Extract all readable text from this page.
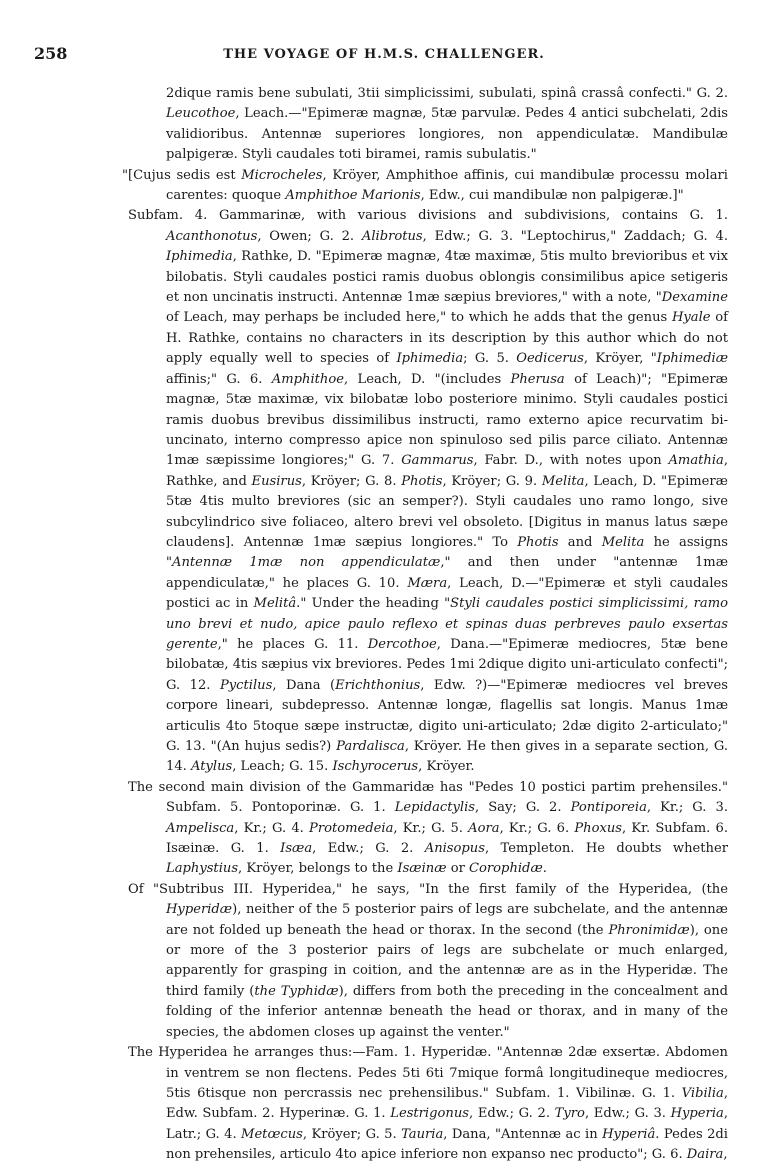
258	THE VOYAGE OF H.M.S. CHALLENGER.

2dique ramis bene subulati, 3tii simplicissimi, subulati, spinâ crassâ confecti." G. 2. Leucothoe, Leach.—"Epimeræ magnæ, 5tæ parvulæ. Pedes 4 antici subchelati, 2dis validioribus. Antennæ superiores longiores, non appendiculatæ. Mandibulæ palpigeræ. Styli caudales toti biramei, ramis subulatis."

"[Cujus sedis est Microcheles, Kröyer, Amphithoe affinis, cui mandibulæ processu molari carentes: quoque Amphithoe Marionis, Edw., cui mandibulæ non palpigeræ.]"

Subfam. 4. Gammarinæ, with various divisions and subdivisions, contains G. 1. Acanthonotus, Owen; G. 2. Alibrotus, Edw.; G. 3. "Leptochirus," Zaddach; G. 4. Iphimedia, Rathke, D. "Epimeræ magnæ, 4tæ maximæ, 5tis multo brevioribus et vix bilobatis. Styli caudales postici ramis duobus oblongis consimilibus apice setigeris et non uncinatis instructi. Antennæ 1mæ sæpius breviores," with a note, "Dexamine of Leach, may perhaps be included here," to which he adds that the genus Hyale of H. Rathke, contains no characters in its description by this author which do not apply equally well to species of Iphimedia; G. 5. Oedicerus, Kröyer, "Iphimediæ affinis;" G. 6. Amphithoe, Leach, D. "(includes Pherusa of Leach)"; "Epimeræ magnæ, 5tæ maximæ, vix bilobatæ lobo posteriore minimo. Styli caudales postici ramis duobus brevibus dissimilibus instructi, ramo externo apice recurvatim bi-uncinato, interno compresso apice non spinuloso sed pilis parce ciliato. Antennæ 1mæ sæpissime longiores;" G. 7. Gammarus, Fabr. D., with notes upon Amathia, Rathke, and Eusirus, Kröyer; G. 8. Photis, Kröyer; G. 9. Melita, Leach, D. "Epimeræ 5tæ 4tis multo breviores (sic an semper?). Styli caudales uno ramo longo, sive subcylindrico sive foliaceo, altero brevi vel obsoleto. [Digitus in manus latus sæpe claudens]. Antennæ 1mæ sæpius longiores." To Photis and Melita he assigns "Antennæ 1mæ non appendiculatæ," and then under "antennæ 1mæ appendiculatæ," he places G. 10. Mæra, Leach, D.—"Epimeræ et styli caudales postici ac in Melitâ." Under the heading "Styli caudales postici simplicissimi, ramo uno brevi et nudo, apice paulo reflexo et spinas duas perbreves paulo exsertas gerente," he places G. 11. Dercothoe, Dana.—"Epimeræ mediocres, 5tæ bene bilobatæ, 4tis sæpius vix breviores. Pedes 1mi 2dique digito uni-articulato confecti"; G. 12. Pyctilus, Dana (Erichthonius, Edw. ?)—"Epimeræ mediocres vel breves corpore lineari, subdepresso. Antennæ longæ, flagellis sat longis. Manus 1mæ articulis 4to 5toque sæpe instructæ, digito uni-articulato; 2dæ digito 2-articulato;" G. 13. "(An hujus sedis?) Pardalisca, Kröyer. He then gives in a separate section, G. 14. Atylus, Leach; G. 15. Ischyrocerus, Kröyer.

The second main division of the Gammaridæ has "Pedes 10 postici partim prehensiles." Subfam. 5. Pontoporinæ. G. 1. Lepidactylis, Say; G. 2. Pontiporeia, Kr.; G. 3. Ampelisca, Kr.; G. 4. Protomedeia, Kr.; G. 5. Aora, Kr.; G. 6. Phoxus, Kr. Subfam. 6. Isæinæ. G. 1. Isæa, Edw.; G. 2. Anisopus, Templeton. He doubts whether Laphystius, Kröyer, belongs to the Isæinæ or Corophidæ.

Of "Subtribus III. Hyperidea," he says, "In the first family of the Hyperidea, (the Hyperidæ), neither of the 5 posterior pairs of legs are subchelate, and the antennæ are not folded up beneath the head or thorax. In the second (the Phronimidæ), one or more of the 3 posterior pairs of legs are subchelate or much enlarged, apparently for grasping in coition, and the antennæ are as in the Hyperidæ. The third family (the Typhidæ), differs from both the preceding in the concealment and folding of the inferior antennæ beneath the head or thorax, and in many of the species, the abdomen closes up against the venter."

The Hyperidea he arranges thus:—Fam. 1. Hyperidæ. "Antennæ 2dæ exsertæ. Abdomen in ventrem se non flectens. Pedes 5ti 6ti 7mique formâ longitudineque mediocres, 5tis 6tisque non percrassis nec prehensilibus." Subfam. 1. Vibilinæ. G. 1. Vibilia, Edw. Subfam. 2. Hyperinæ. G. 1. Lestrigonus, Edw.; G. 2. Tyro, Edw.; G. 3. Hyperia, Latr.; G. 4. Metœcus, Kröyer; G. 5. Tauria, Dana, "Antennæ ac in Hyperiâ. Pedes 2di non prehensiles, articulo 4to apice inferiore non expanso nec producto"; G. 6. Daira,
